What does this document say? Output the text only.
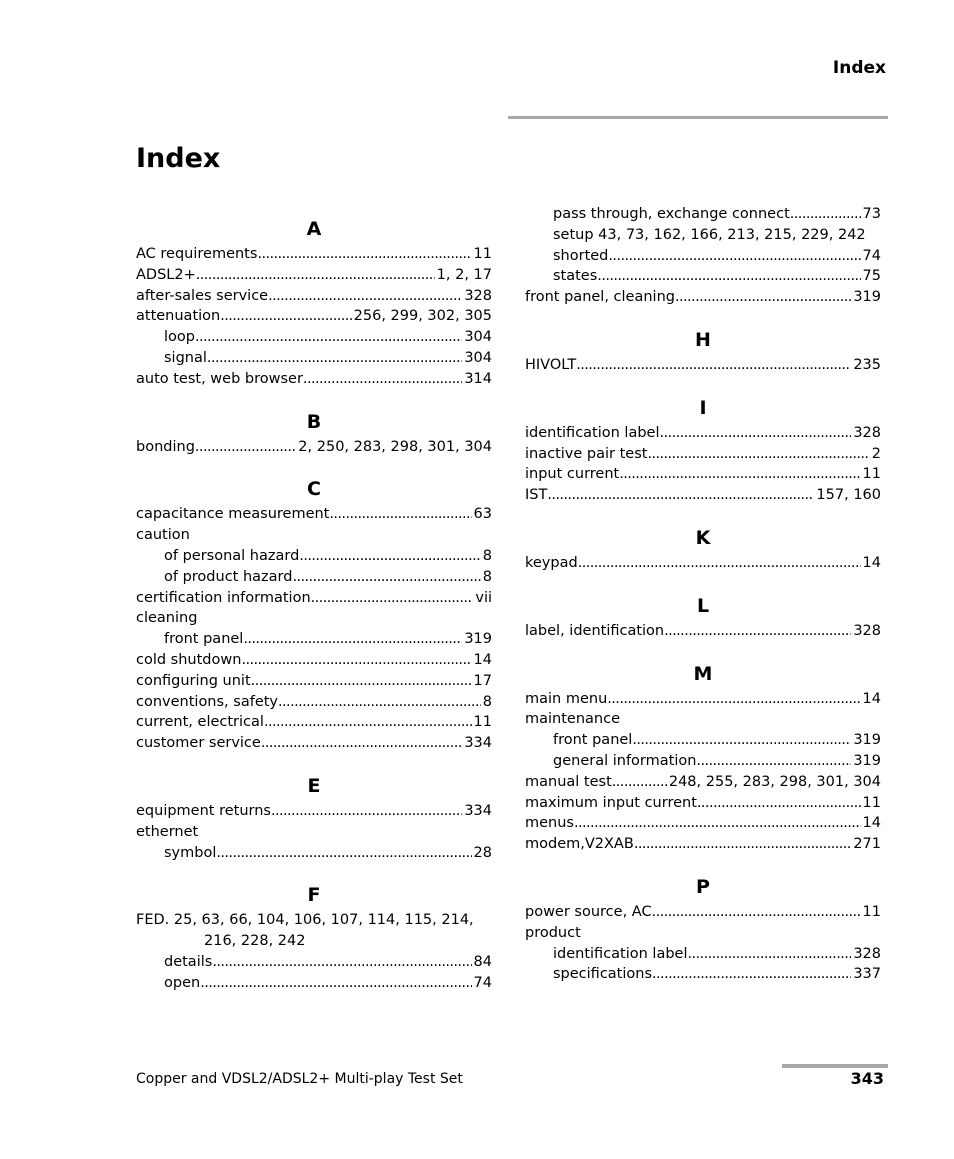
Index
Index
A
AC requirements . . .	11
ADSL2+ . . .	1, 2, 17
after-sales service . . .	328
attenuation . . .	256, 299, 302, 305
loop . . .	304
signal . . .	304
auto test, web browser . . .	314
B
bonding . . .	2, 250, 283, 298, 301, 304
C
capacitance measurement . . .	63
caution
of personal hazard . . .	8
of product hazard . . .	8
certification information . . .	vii
cleaning
front panel . . .	319
cold shutdown . . .	14
configuring unit . . .	17
conventions, safety . . .	8
current, electrical . . .	11
customer service . . .	334
E
equipment returns . . .	334
ethernet
symbol . . .	28
F
FED. 25, 63, 66, 104, 106, 107, 114, 115, 214,
216, 228, 242
details . . .	84
open . . .	74
pass through, exchange connect . . .	73
setup 43, 73, 162, 166, 213, 215, 229, 242
shorted . . .	74
states . . .	75
front panel, cleaning . . .	319
H
HIVOLT . . .	235
I
identification label . . .	328
inactive pair test . . .	2
input current . . .	11
IST . . .	157, 160
K
keypad . . .	14
L
label, identification . . .	328
M
main menu . . .	14
maintenance
front panel . . .	319
general information . . .	319
manual test . . .	248, 255, 283, 298, 301, 304
maximum input current . . .	11
menus . . .	14
modem,V2XAB . . .	271
P
power source, AC . . .	11
product
identification label . . .	328
specifications . . .	337
Copper and VDSL2/ADSL2+ Multi-play Test Set	343
